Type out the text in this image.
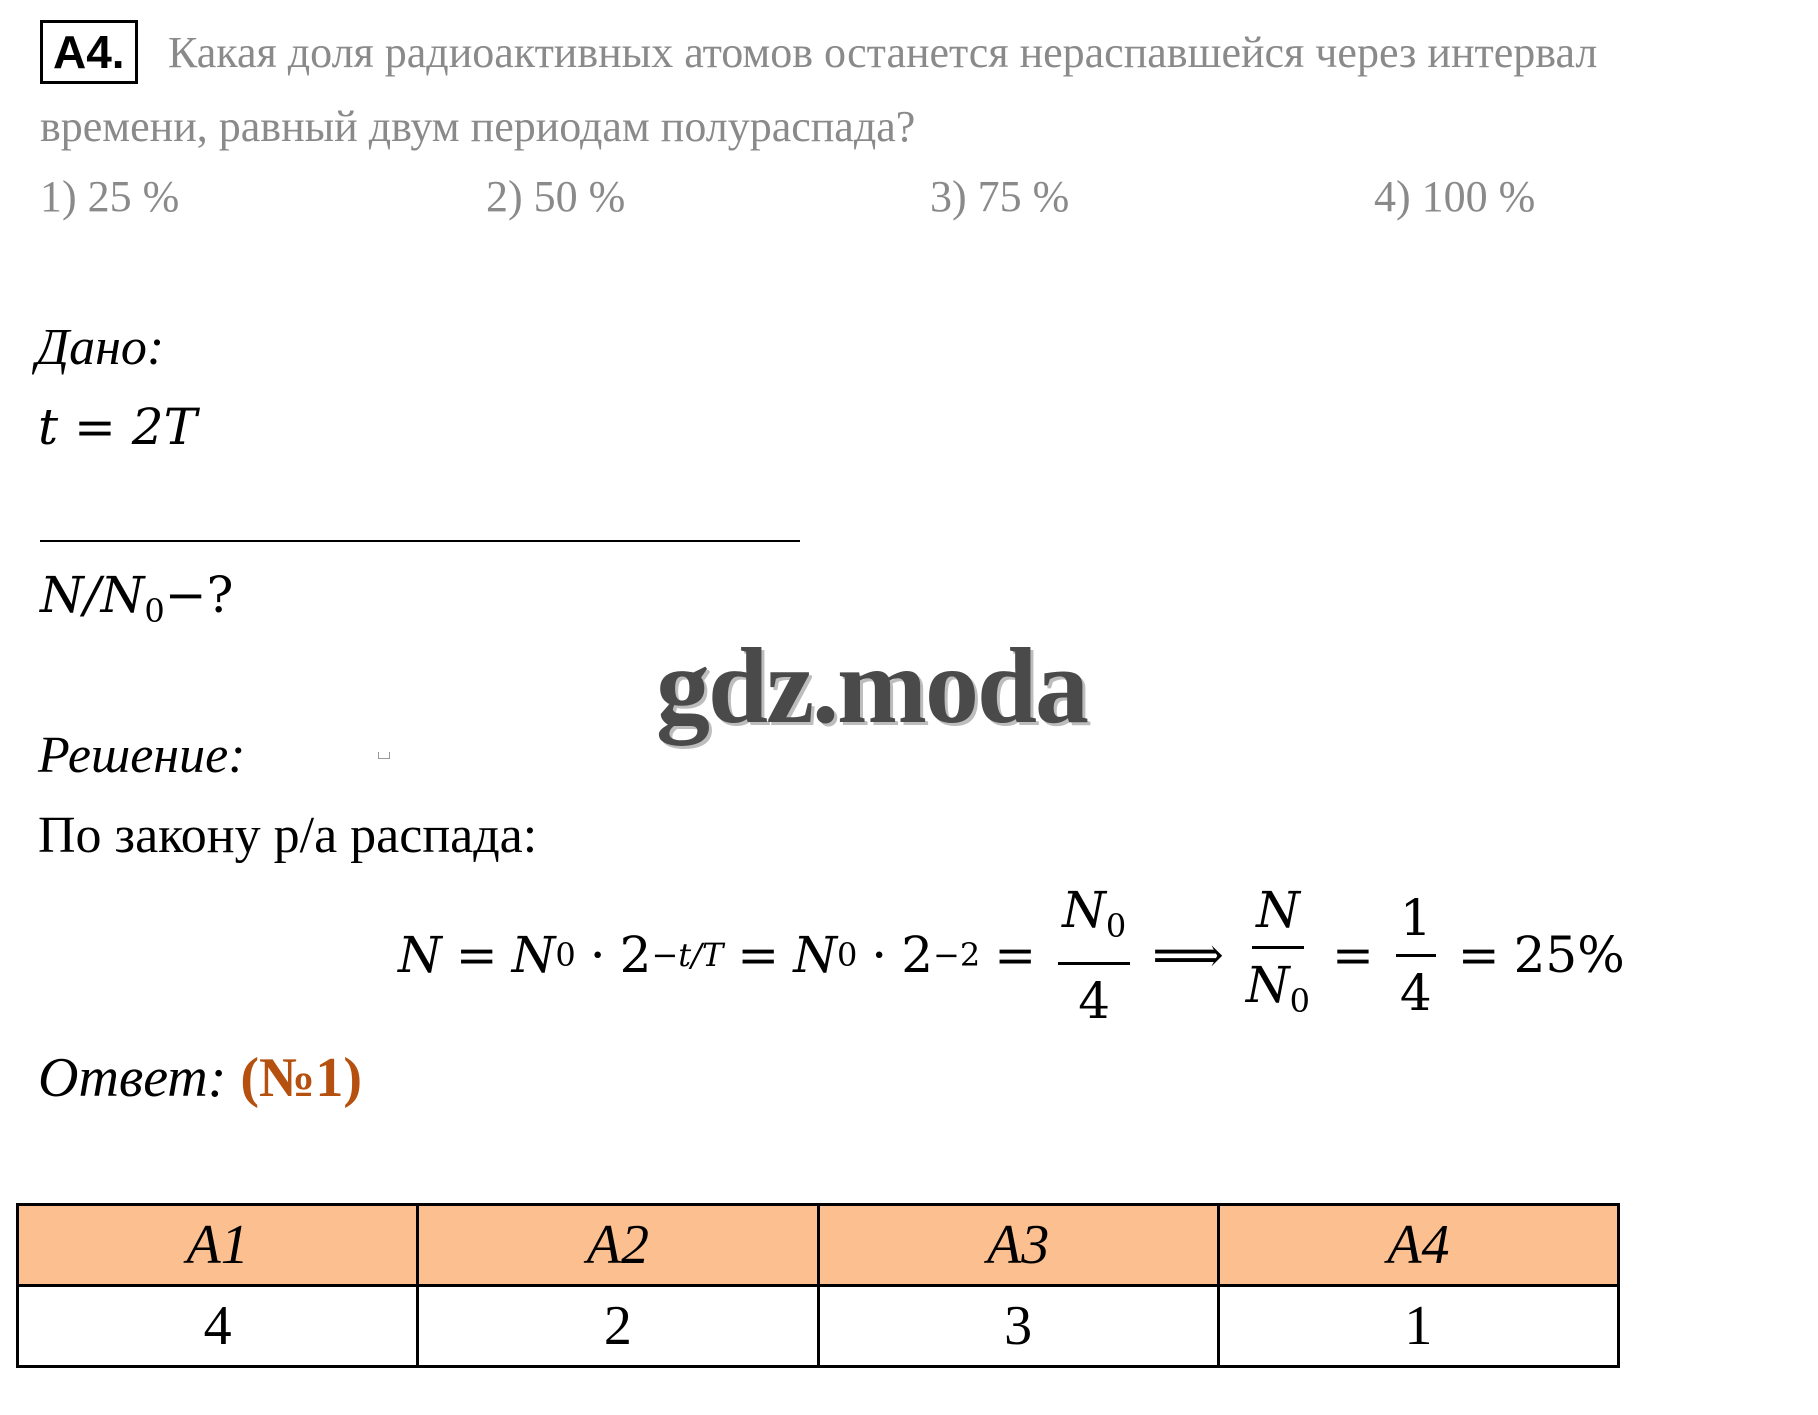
A4. Какая доля радиоактивных атомов останется нераспавшейся через интервал
времени, равный двум периодам полураспада?
1) 25 %	2) 50 %	3) 75 %	4) 100 %
Дано:
t = 2T
$N/N_0-$?
gdz.moda
Решение:
По закону р/а распада:
N = N 0 · 2 −t/T = N $0 \cdot 2 -2 = \frac{N_0}{4}$ ⟹ $\frac{N}{N_0} = \frac{1}{4} = 25\%$
Ответ: (№1)
A1	A2	A3	A4
4	2	3	1
